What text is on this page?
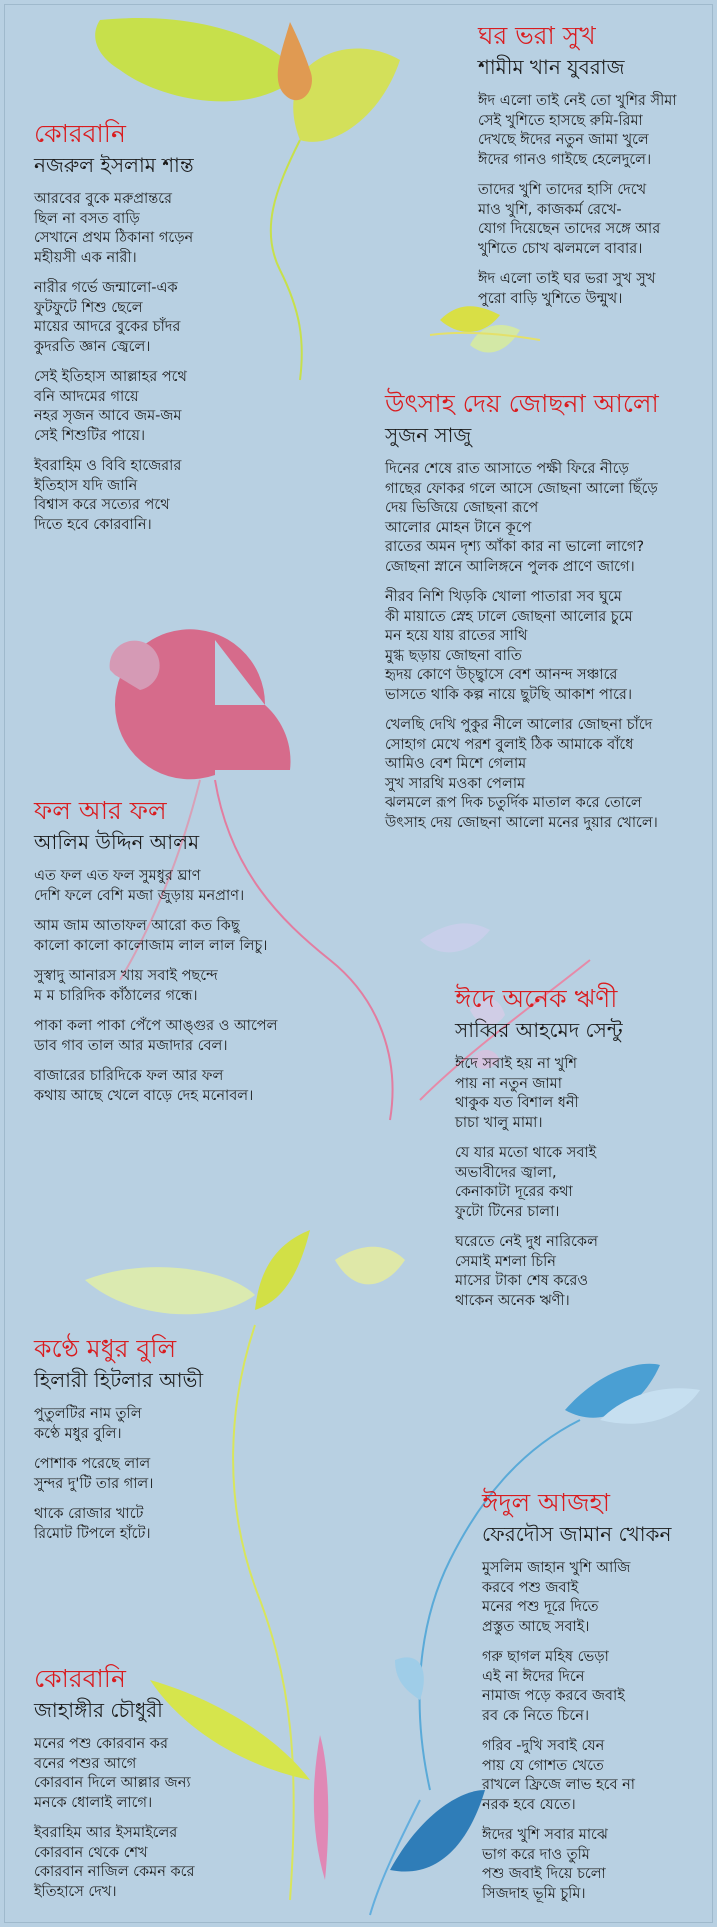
ঘর ভরা সুখ
শামীম খান যুবরাজ
ঈদ এলো তাই নেই তো খুশির সীমা
সেই খুশিতে হাসছে রুমি-রিমা
দেখছে ঈদের নতুন জামা খুলে
ঈদের গানও গাইছে হেলেদুলে।
তাদের খুশি তাদের হাসি দেখে
মাও খুশি, কাজকর্ম রেখে-
যোগ দিয়েছেন তাদের সঙ্গে আর
খুশিতে চোখ ঝলমলে বাবার।
ঈদ এলো তাই ঘর ভরা সুখ সুখ
পুরো বাড়ি খুশিতে উন্মুখ।
কোরবানি
নজরুল ইসলাম শান্ত
আরবের বুকে মরুপ্রান্তরে
ছিল না বসত বাড়ি
সেখানে প্রথম ঠিকানা গড়েন
মহীয়সী এক নারী।
নারীর গর্ভে জন্মালো-এক
ফুটফুটে শিশু ছেলে
মায়ের আদরে বুকের চাঁদর
কুদরতি জ্ঞান জ্বেলে।
সেই ইতিহাস আল্লাহর পথে
বনি আদমের গায়ে
নহর সৃজন আবে জম-জম
সেই শিশুটির পায়ে।
ইবরাহিম ও বিবি হাজেরার
ইতিহাস যদি জানি
বিশ্বাস করে সত্যের পথে
দিতে হবে কোরবানি।
উৎসাহ দেয় জোছনা আলো
সুজন সাজু
দিনের শেষে রাত আসাতে পক্ষী ফিরে নীড়ে
গাছের ফোকর গলে আসে জোছনা আলো ছিঁড়ে
দেয় ভিজিয়ে জোছনা রূপে
আলোর মোহন টানে কূপে
রাতের অমন দৃশ্য আঁকা কার না ভালো লাগে?
জোছনা স্নানে আলিঙ্গনে পুলক প্রাণে জাগে।
নীরব নিশি খিড়কি খোলা পাতারা সব ঘুমে
কী মায়াতে স্নেহ ঢালে জোছনা আলোর চুমে
মন হয়ে যায় রাতের সাথি
মুগ্ধ ছড়ায় জোছনা বাতি
হৃদয় কোণে উচ্ছ্বাসে বেশ আনন্দ সঞ্চারে
ভাসতে থাকি কল্প নায়ে ছুটছি আকাশ পারে।
খেলছি দেখি পুকুর নীলে আলোর জোছনা চাঁদে
সোহাগ মেখে পরশ বুলাই ঠিক আমাকে বাঁধে
আমিও বেশ মিশে গেলাম
সুখ সারথি মওকা পেলাম
ঝলমলে রূপ দিক চতুর্দিক মাতাল করে তোলে
উৎসাহ দেয় জোছনা আলো মনের দুয়ার খোলে।
ফল আর ফল
আলিম উদ্দিন আলম
এত ফল এত ফল সুমধুর ঘ্রাণ
দেশি ফলে বেশি মজা জুড়ায় মনপ্রাণ।
আম জাম আতাফল আরো কত কিছু
কালো কালো কালোজাম লাল লাল লিচু।
সুস্বাদু আনারস খায় সবাই পছন্দে
ম ম চারিদিক কাঁঠালের গন্ধে।
পাকা কলা পাকা পেঁপে আঙ্গুর ও আপেল
ডাব গাব তাল আর মজাদার বেল।
বাজারের চারিদিকে ফল আর ফল
কথায় আছে খেলে বাড়ে দেহ মনোবল।
ঈদে অনেক ঋণী
সাব্বির আহমেদ সেন্টু
ঈদে সবাই হয় না খুশি
পায় না নতুন জামা
থাকুক যত বিশাল ধনী
চাচা খালু মামা।
যে যার মতো থাকে সবাই
অভাবীদের জ্বালা,
কেনাকাটা দূরের কথা
ফুটো টিনের চালা।
ঘরেতে নেই দুধ নারিকেল
সেমাই মশলা চিনি
মাসের টাকা শেষ করেও
থাকেন অনেক ঋণী।
কণ্ঠে মধুর বুলি
হিলারী হিটলার আভী
পুতুলটির নাম তুলি
কণ্ঠে মধুর বুলি।
পোশাক পরেছে লাল
সুন্দর দু'টি তার গাল।
থাকে রোজার খাটে
রিমোট টিপলে হাঁটে।
ঈদুল আজহা
ফেরদৌস জামান খোকন
মুসলিম জাহান খুশি আজি
করবে পশু জবাই
মনের পশু দূরে দিতে
প্রস্তুত আছে সবাই।
গরু ছাগল মহিষ ভেড়া
এই না ঈদের দিনে
নামাজ পড়ে করবে জবাই
রব কে নিতে চিনে।
গরিব -দুখি সবাই যেন
পায় যে গোশত খেতে
রাখলে ফ্রিজে লাভ হবে না
নরক হবে যেতে।
ঈদের খুশি সবার মাঝে
ভাগ করে দাও তুমি
পশু জবাই দিয়ে চলো
সিজদাহ ভূমি চুমি।
কোরবানি
জাহাঙ্গীর চৌধুরী
মনের পশু কোরবান কর
বনের পশুর আগে
কোরবান দিলে আল্লার জন্য
মনকে ধোলাই লাগে।
ইবরাহিম আর ইসমাইলের
কোরবান থেকে শেখ
কোরবান নাজিল কেমন করে
ইতিহাসে দেখ।
